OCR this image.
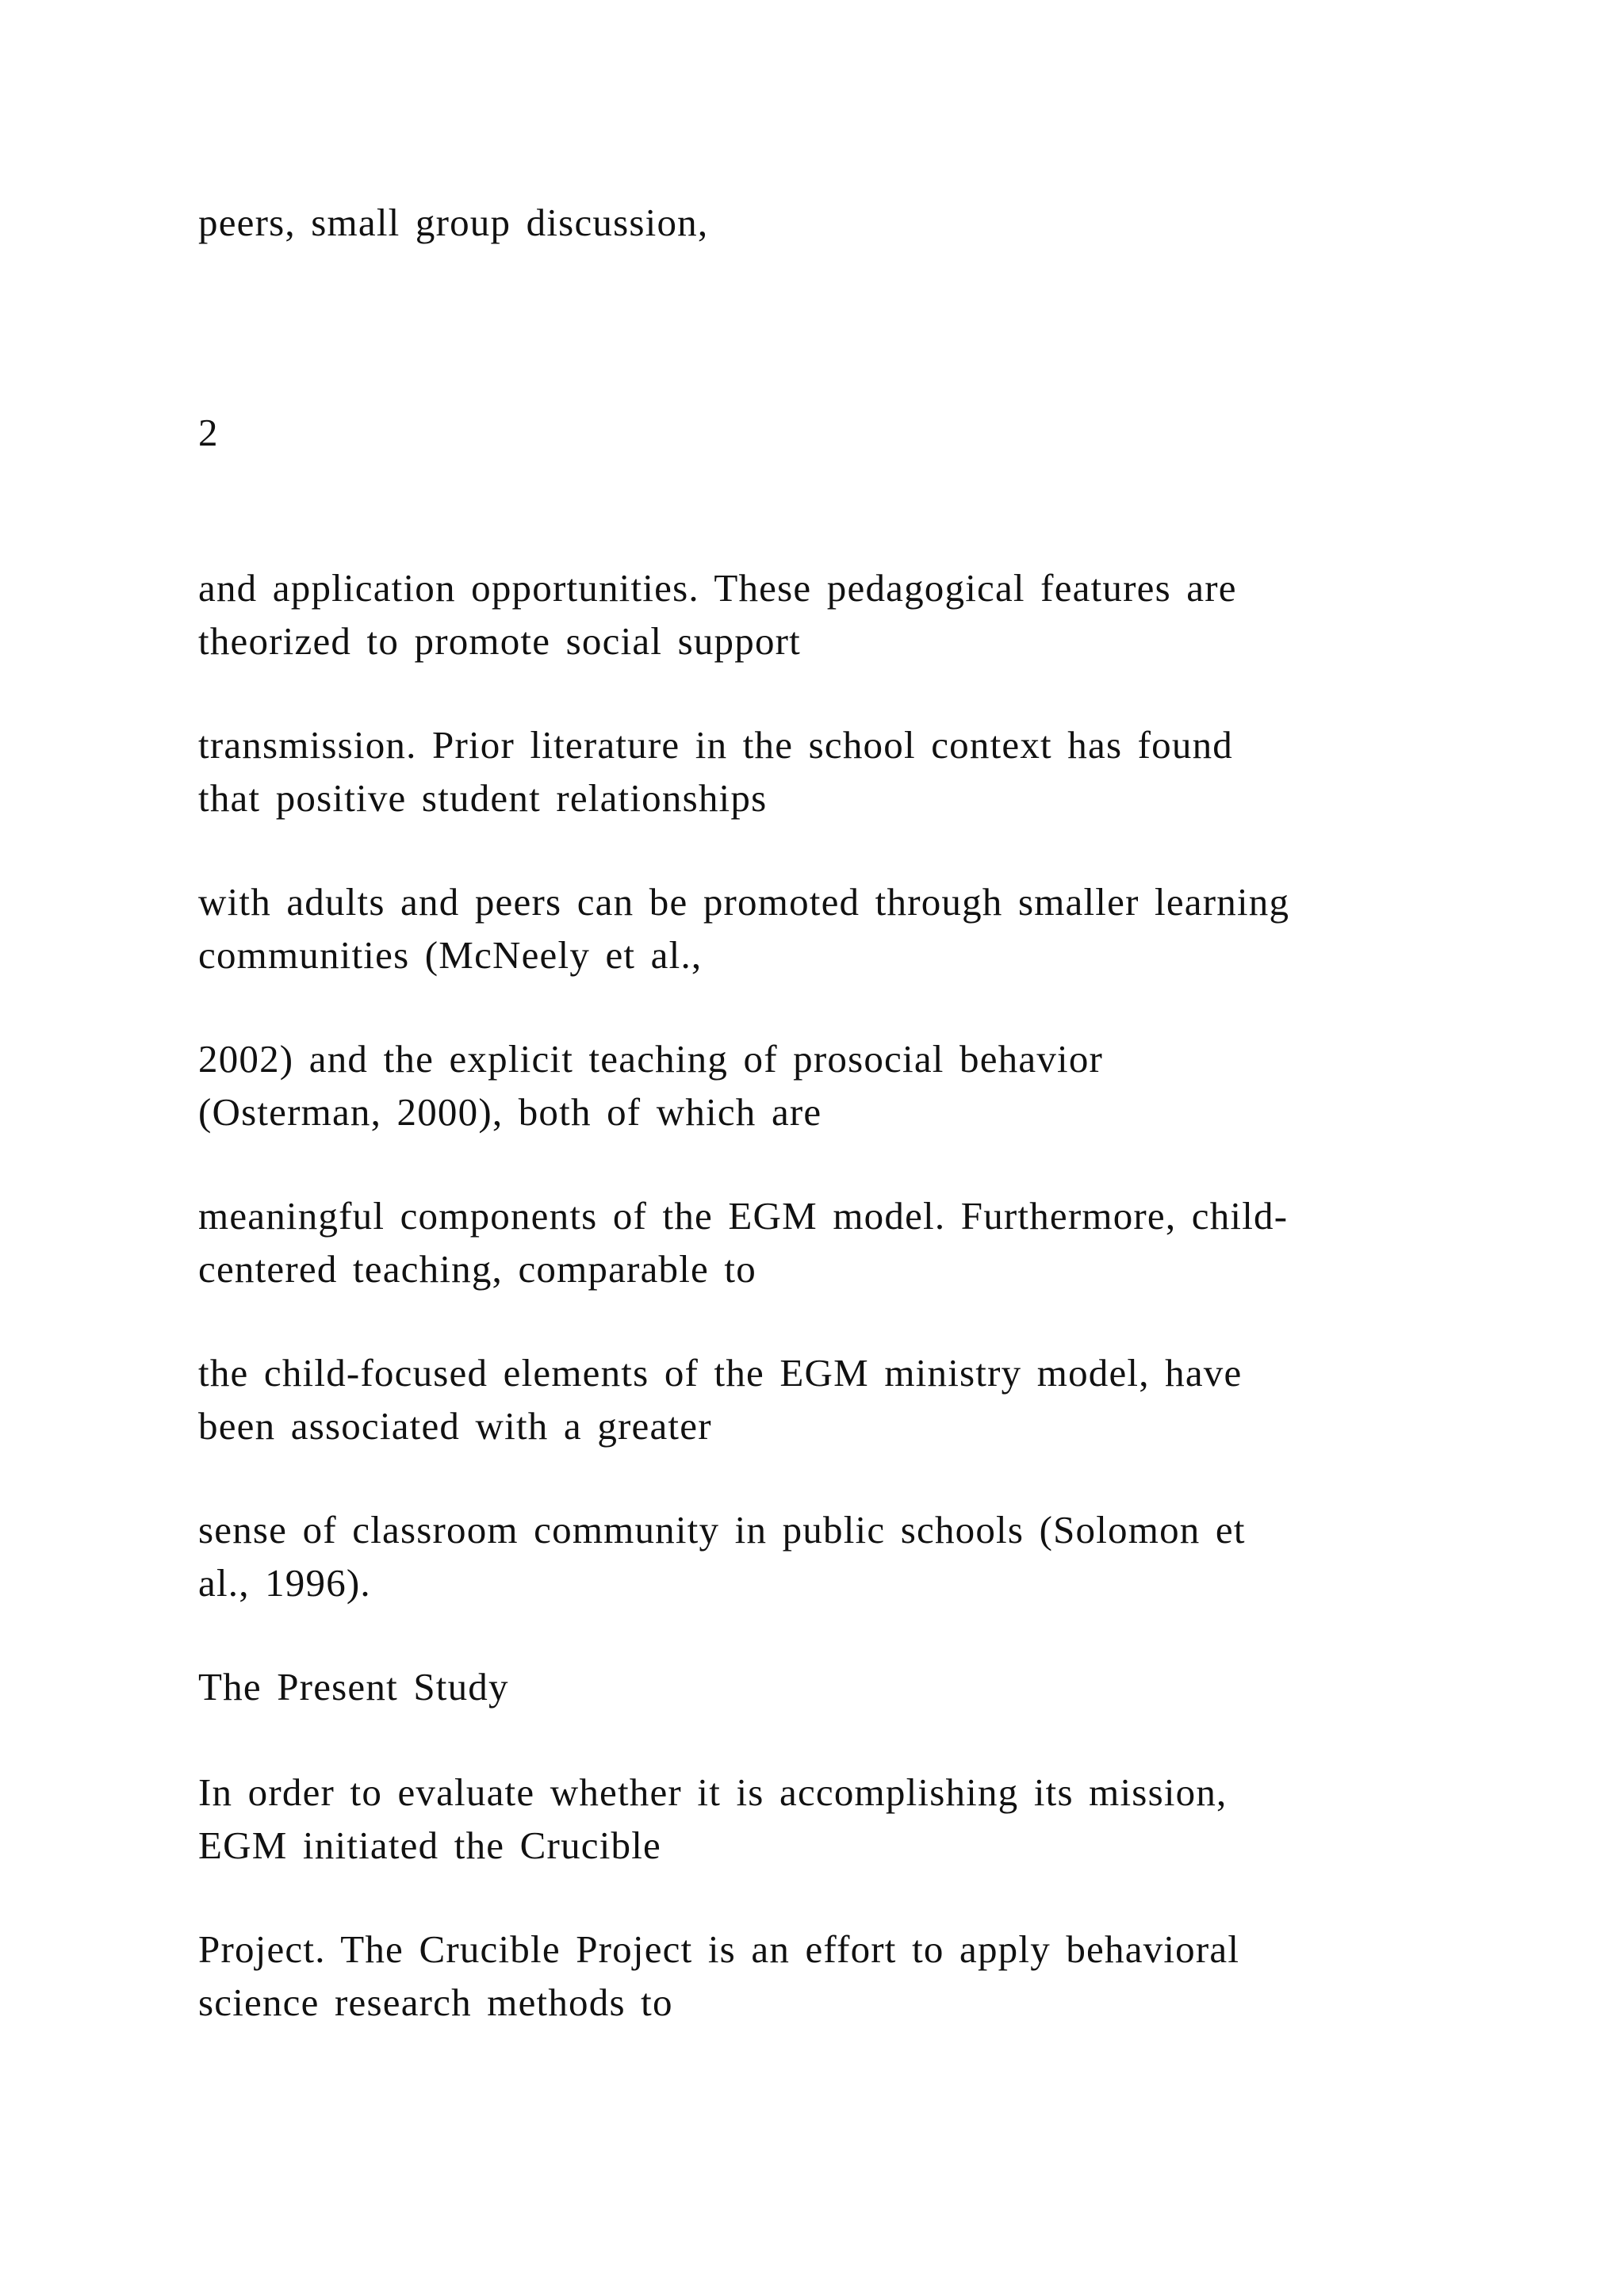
peers, small group discussion,
2
and application opportunities. These pedagogical features are
theorized to promote social support
transmission. Prior literature in the school context has found
that positive student relationships
with adults and peers can be promoted through smaller learning
communities (McNeely et al.,
2002) and the explicit teaching of prosocial behavior
(Osterman, 2000), both of which are
meaningful components of the EGM model. Furthermore, child-
centered teaching, comparable to
the child-focused elements of the EGM ministry model, have
been associated with a greater
sense of classroom community in public schools (Solomon et
al., 1996).
The Present Study
In order to evaluate whether it is accomplishing its mission,
EGM initiated the Crucible
Project. The Crucible Project is an effort to apply behavioral
science research methods to
